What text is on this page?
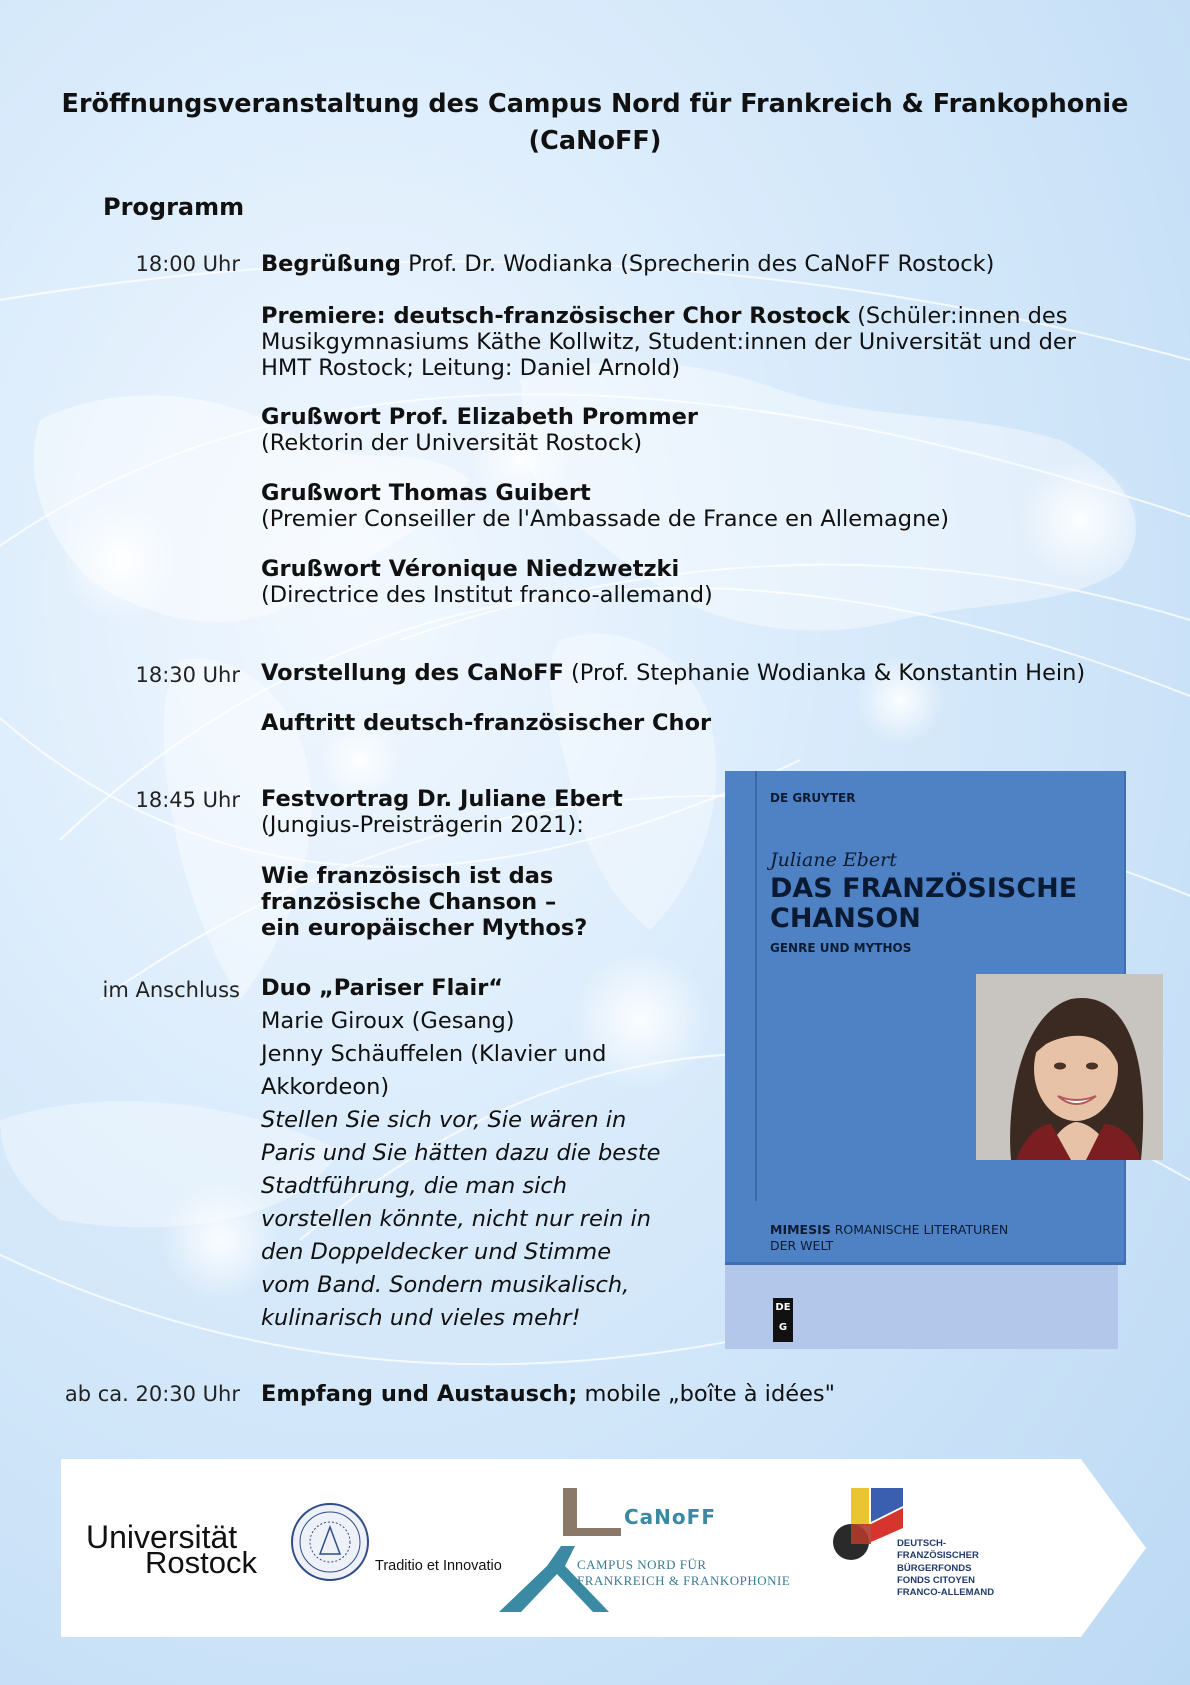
Eröffnungsveranstaltung des Campus Nord für Frankreich & Frankophonie
(CaNoFF)
Programm
18:00 Uhr Begrüßung Prof. Dr. Wodianka (Sprecherin des CaNoFF Rostock)
Premiere: deutsch-französischer Chor Rostock (Schüler:innen des
Musikgymnasiums Käthe Kollwitz, Student:innen der Universität und der
HMT Rostock; Leitung: Daniel Arnold)
Grußwort Prof. Elizabeth Prommer
(Rektorin der Universität Rostock)
Grußwort Thomas Guibert
(Premier Conseiller de l'Ambassade de France en Allemagne)
Grußwort Véronique Niedzwetzki
(Directrice des Institut franco-allemand)
18:30 Uhr Vorstellung des CaNoFF (Prof. Stephanie Wodianka & Konstantin Hein)
Auftritt deutsch-französischer Chor
18:45 Uhr Festvortrag Dr. Juliane Ebert
(Jungius-Preisträgerin 2021):
Wie französisch ist das
französische Chanson –
ein europäischer Mythos?
im Anschluss Duo „Pariser Flair“
Marie Giroux (Gesang)
Jenny Schäuffelen (Klavier und
Akkordeon)
Stellen Sie sich vor, Sie wären in
Paris und Sie hätten dazu die beste
Stadtführung, die man sich
vorstellen könnte, nicht nur rein in
den Doppeldecker und Stimme
vom Band. Sondern musikalisch,
kulinarisch und vieles mehr!
ab ca. 20:30 Uhr Empfang und Austausch; mobile „boîte à idées"
DE GRUYTER
Juliane Ebert
DAS FRANZÖSISCHE
CHANSON
GENRE UND MYTHOS
MIMESIS ROMANISCHE LITERATUREN
DER WELT
DE
G
Universität
Rostock	Traditio et Innovatio
CaNoFF
CAMPUS NORD FÜR
FRANKREICH & FRANKOPHONIE
DEUTSCH-
FRANZÖSISCHER
BÜRGERFONDS
FONDS CITOYEN
FRANCO-ALLEMAND
